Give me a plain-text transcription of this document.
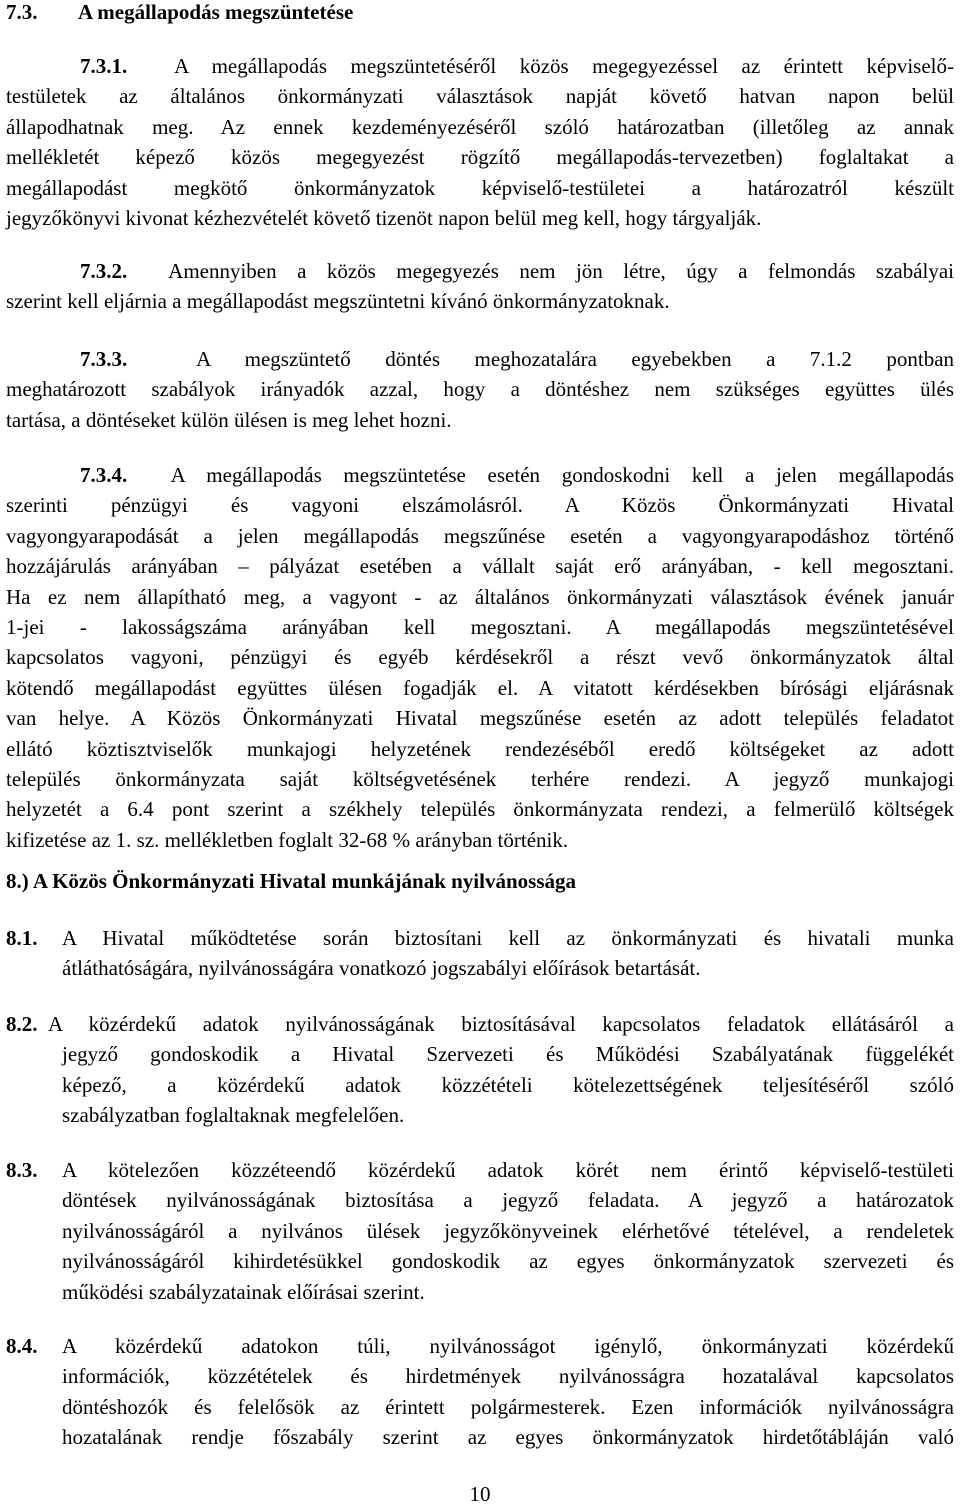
7.3. A megállapodás megszüntetése
7.3.1. A megállapodás megszüntetéséről közös megegyezéssel az érintett képviselő-
testületek az általános önkormányzati választások napját követő hatvan napon belül
állapodhatnak meg. Az ennek kezdeményezéséről szóló határozatban (illetőleg az annak
mellékletét képező közös megegyezést rögzítő megállapodás-tervezetben) foglaltakat a
megállapodást megkötő önkormányzatok képviselő-testületei a határozatról készült
jegyzőkönyvi kivonat kézhezvételét követő tizenöt napon belül meg kell, hogy tárgyalják.
7.3.2. Amennyiben a közös megegyezés nem jön létre, úgy a felmondás szabályai
szerint kell eljárnia a megállapodást megszüntetni kívánó önkormányzatoknak.
7.3.3.	A megszüntető döntés meghozatalára egyebekben a 7.1.2 pontban
meghatározott szabályok irányadók azzal, hogy a döntéshez nem szükséges együttes ülés
tartása, a döntéseket külön ülésen is meg lehet hozni.
7.3.4. A megállapodás megszüntetése esetén gondoskodni kell a jelen megállapodás
szerinti pénzügyi és vagyoni elszámolásról. A Közös Önkormányzati Hivatal
vagyongyarapodását a jelen megállapodás megszűnése esetén a vagyongyarapodáshoz történő
hozzájárulás arányában – pályázat esetében a vállalt saját erő arányában, - kell megosztani.
Ha ez nem állapítható meg, a vagyont - az általános önkormányzati választások évének január
1-jei - lakosságszáma arányában kell megosztani. A megállapodás megszüntetésével
kapcsolatos vagyoni, pénzügyi és egyéb kérdésekről a részt vevő önkormányzatok által
kötendő megállapodást együttes ülésen fogadják el. A vitatott kérdésekben bírósági eljárásnak
van helye. A Közös Önkormányzati Hivatal megszűnése esetén az adott település feladatot
ellátó köztisztviselők munkajogi helyzetének rendezéséből eredő költségeket az adott
település önkormányzata saját költségvetésének terhére rendezi. A jegyző munkajogi
helyzetét a 6.4 pont szerint a székhely település önkormányzata rendezi, a felmerülő költségek
kifizetése az 1. sz. mellékletben foglalt 32-68 % arányban történik.
8.) A Közös Önkormányzati Hivatal munkájának nyilvánossága
8.1. A Hivatal működtetése során biztosítani kell az önkormányzati és hivatali munka
átláthatóságára, nyilvánosságára vonatkozó jogszabályi előírások betartását.
8.2. A közérdekű adatok nyilvánosságának biztosításával kapcsolatos feladatok ellátásáról a
jegyző gondoskodik a Hivatal Szervezeti és Működési Szabályatának függelékét
képező, a közérdekű adatok közzétételi kötelezettségének teljesítéséről szóló
szabályzatban foglaltaknak megfelelően.
8.3. A kötelezően közzéteendő közérdekű adatok körét nem érintő képviselő-testületi
döntések nyilvánosságának biztosítása a jegyző feladata. A jegyző a határozatok
nyilvánosságáról a nyilvános ülések jegyzőkönyveinek elérhetővé tételével, a rendeletek
nyilvánosságáról kihirdetésükkel gondoskodik az egyes önkormányzatok szervezeti és
működési szabályzatainak előírásai szerint.
8.4. A közérdekű adatokon túli, nyilvánosságot igénylő, önkormányzati közérdekű
információk, közzétételek és hirdetmények nyilvánosságra hozatalával kapcsolatos
döntéshozók és felelősök az érintett polgármesterek. Ezen információk nyilvánosságra
hozatalának rendje főszabály szerint az egyes önkormányzatok hirdetőtábláján való
10
